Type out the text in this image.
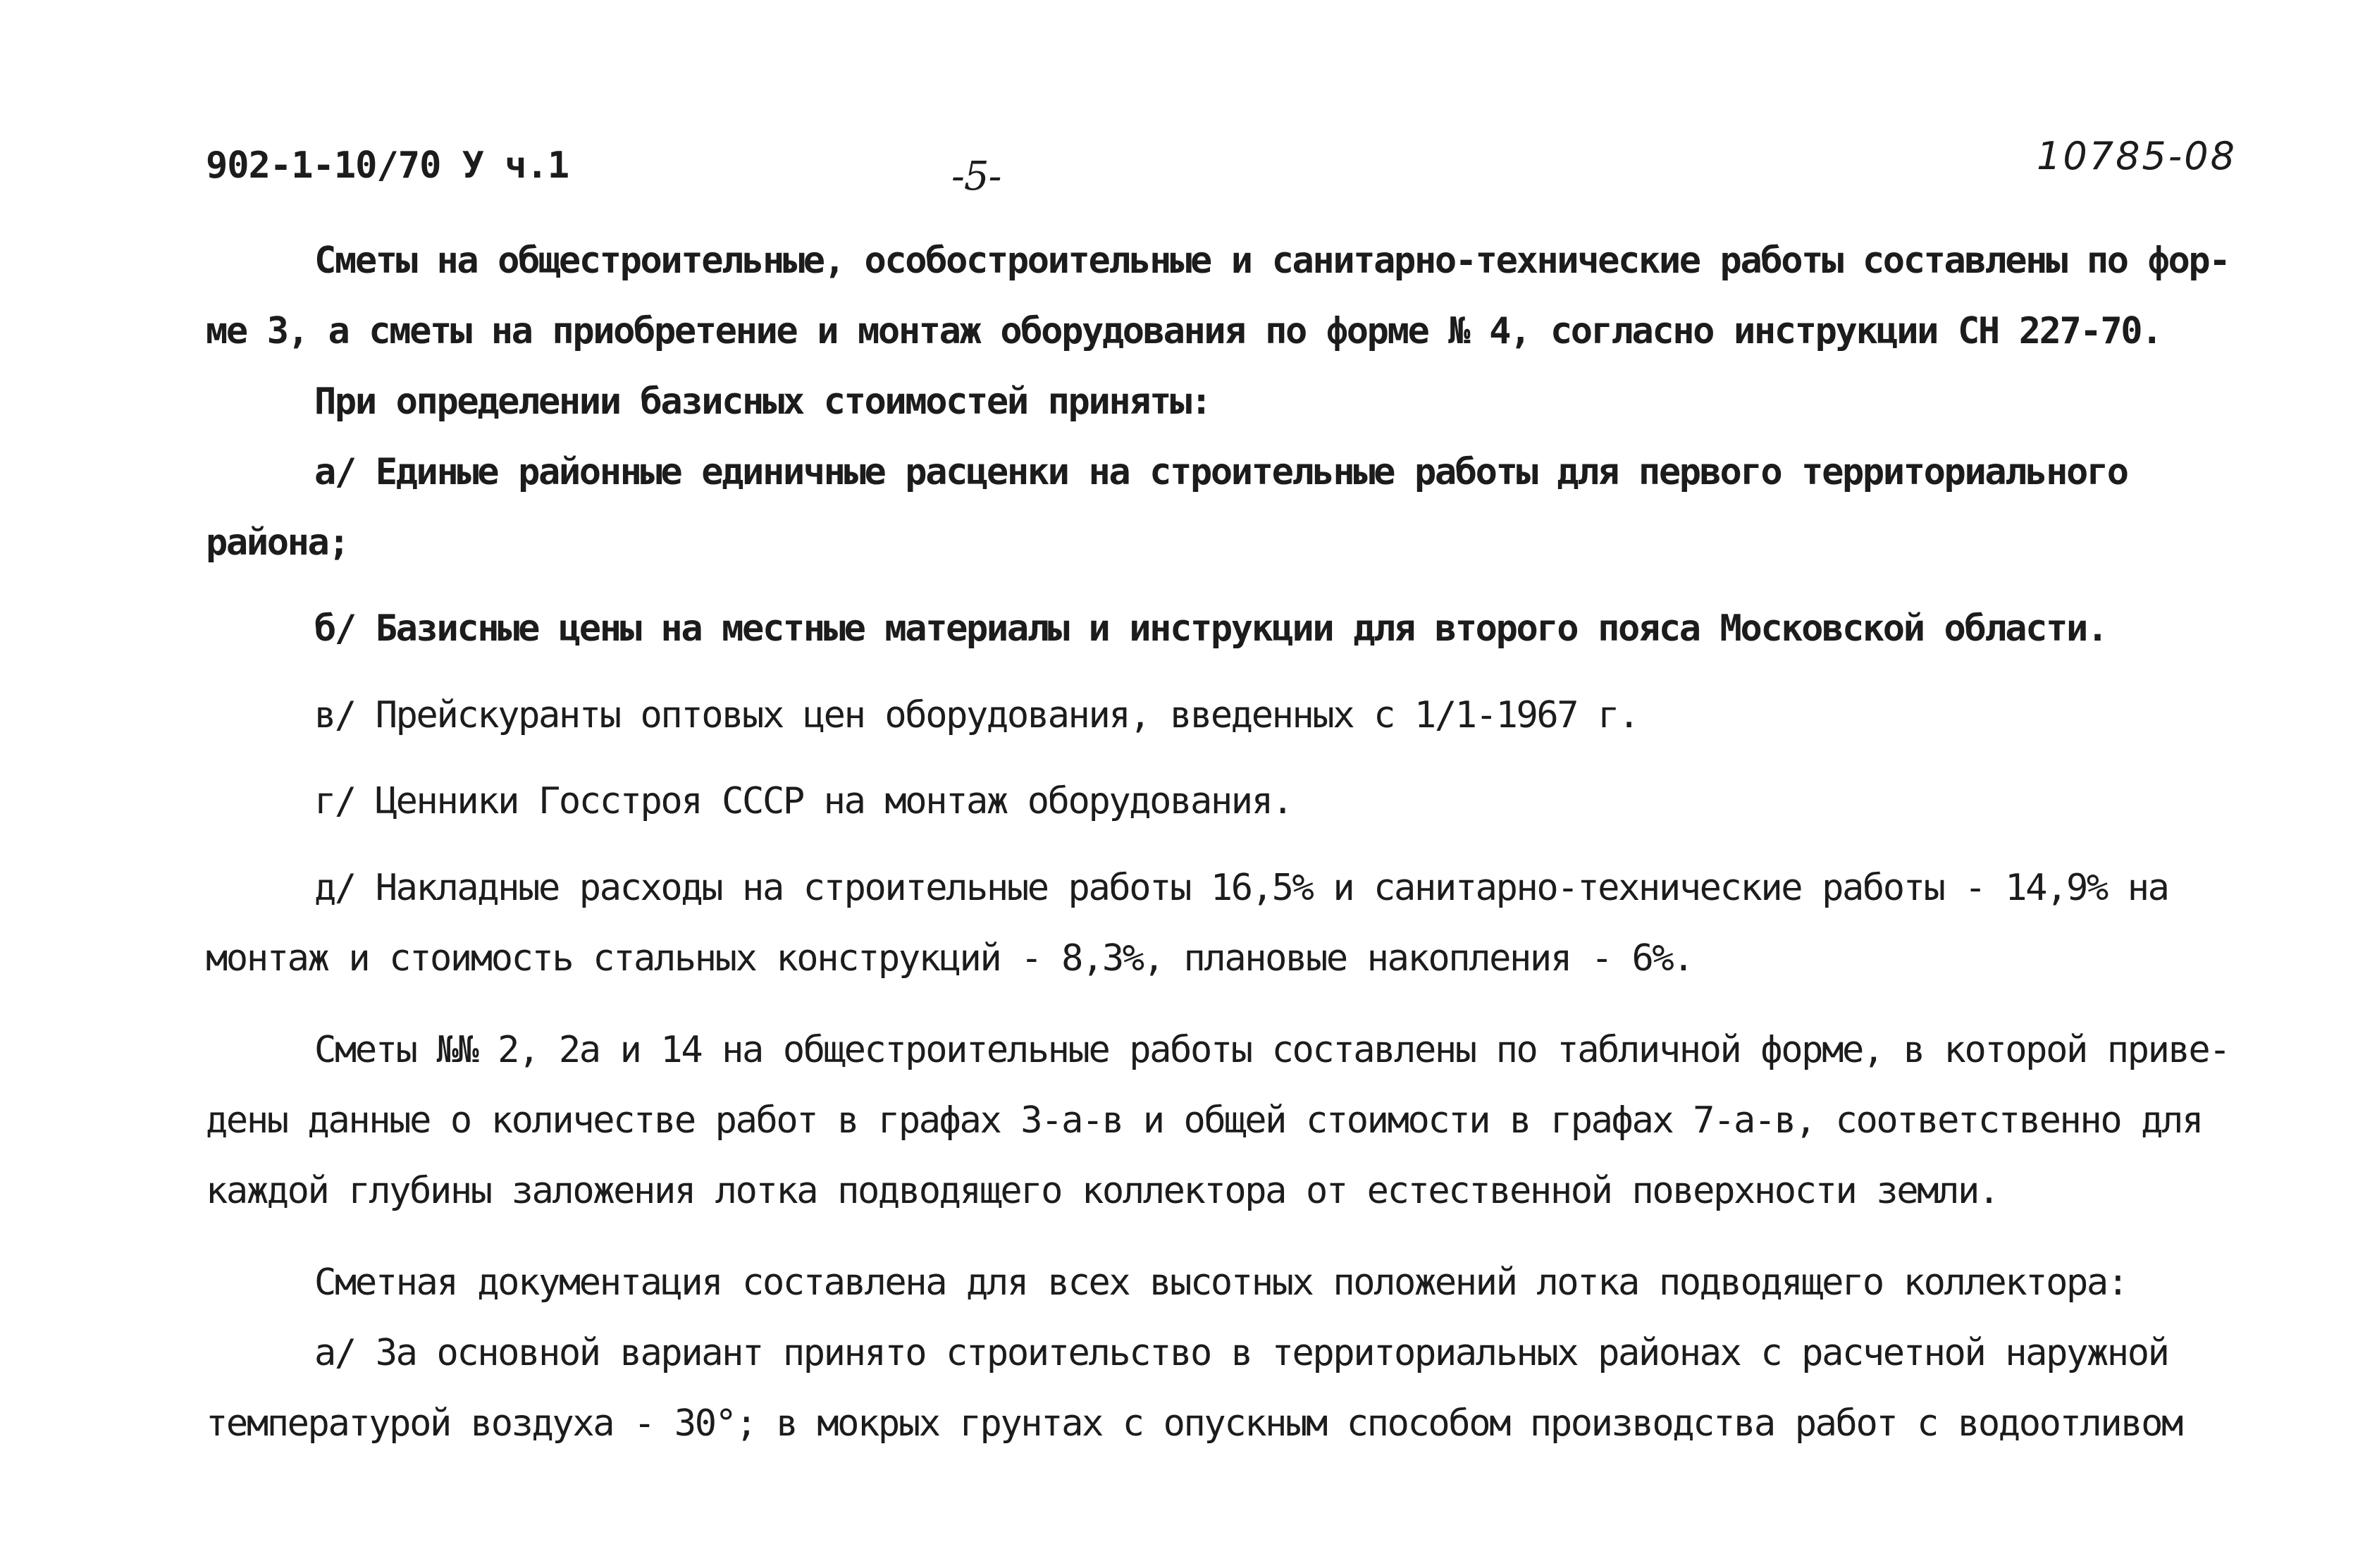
902-1-10/70 У ч.1	-5-	10785-08
Сметы на общестроительные, особостроительные и санитарно-технические работы составлены по фор-
ме 3, а сметы на приобретение и монтаж оборудования по форме № 4, согласно инструкции СН 227-70.
При определении базисных стоимостей приняты:
а/ Единые районные единичные расценки на строительные работы для первого территориального
района;
б/ Базисные цены на местные материалы и инструкции для второго пояса Московской области.
в/ Прейскуранты оптовых цен оборудования, введенных с 1/1-1967 г.
г/ Ценники Госстроя СССР на монтаж оборудования.
д/ Накладные расходы на строительные работы 16,5% и санитарно-технические работы - 14,9% на
монтаж и стоимость стальных конструкций - 8,3%, плановые накопления - 6%.
Сметы №№ 2, 2а и 14 на общестроительные работы составлены по табличной форме, в которой приве-
дены данные о количестве работ в графах 3-а-в и общей стоимости в графах 7-а-в, соответственно для
каждой глубины заложения лотка подводящего коллектора от естественной поверхности земли.
Сметная документация составлена для всех высотных положений лотка подводящего коллектора:
а/ За основной вариант принято строительство в территориальных районах с расчетной наружной
температурой воздуха - 30°; в мокрых грунтах с опускным способом производства работ с водоотливом
